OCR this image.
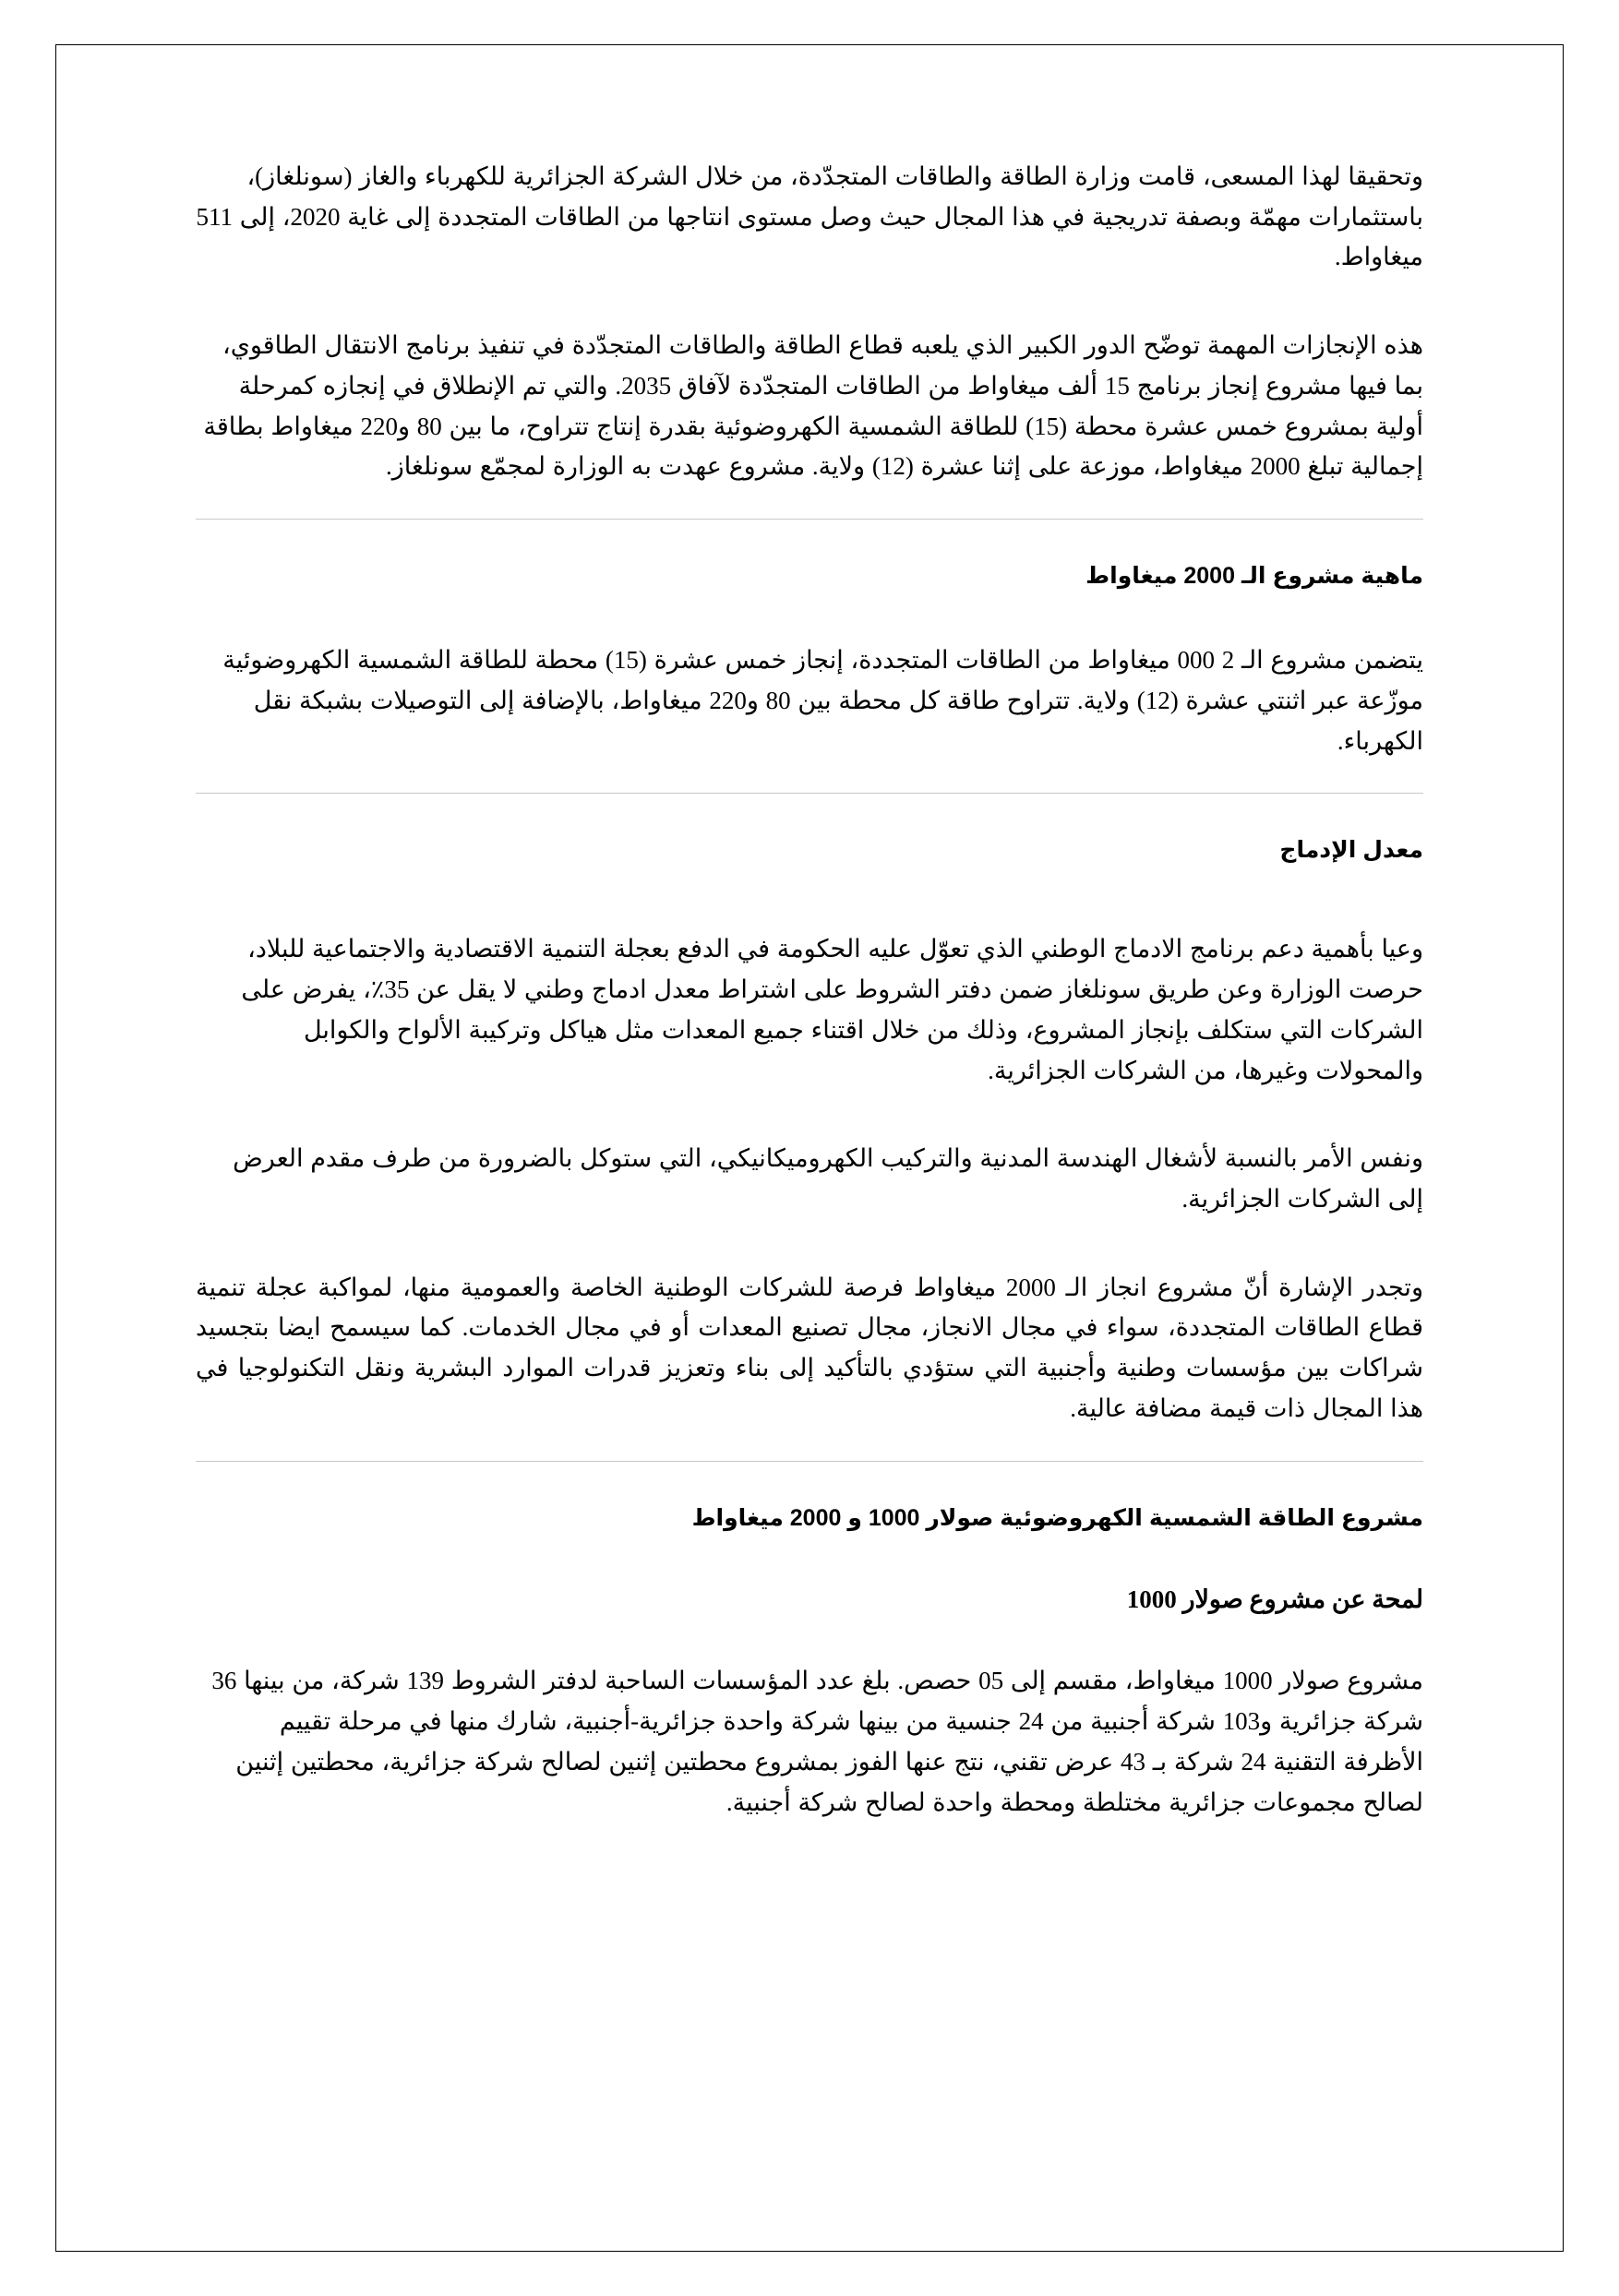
وتحقيقا لهذا المسعى، قامت وزارة الطاقة والطاقات المتجدّدة، من خلال الشركة الجزائرية للكهرباء والغاز (سونلغاز)، باستثمارات مهمّة وبصفة تدريجية في هذا المجال حيث وصل مستوى انتاجها من الطاقات المتجددة إلى غاية 2020، إلى 511 ميغاواط.

هذه الإنجازات المهمة توضّح الدور الكبير الذي يلعبه قطاع الطاقة والطاقات المتجدّدة في تنفيذ برنامج الانتقال الطاقوي، بما فيها مشروع إنجاز برنامج 15 ألف ميغاواط من الطاقات المتجدّدة لآفاق 2035. والتي تم الإنطلاق في إنجازه كمرحلة أولية بمشروع خمس عشرة محطة (15) للطاقة الشمسية الكهروضوئية بقدرة إنتاج تتراوح، ما بين 80 و220 ميغاواط بطاقة إجمالية تبلغ 2000 ميغاواط، موزعة على إثنا عشرة (12) ولاية. مشروع عهدت به الوزارة لمجمّع سونلغاز.

ماهية مشروع الـ 2000 ميغاواط

يتضمن مشروع الـ 2 000 ميغاواط من الطاقات المتجددة، إنجاز خمس عشرة (15) محطة للطاقة الشمسية الكهروضوئية موزّعة عبر اثنتي عشرة (12) ولاية. تتراوح طاقة كل محطة بين 80 و220 ميغاواط، بالإضافة إلى التوصيلات بشبكة نقل الكهرباء.

معدل الإدماج

وعيا بأهمية دعم برنامج الادماج الوطني الذي تعوّل عليه الحكومة في الدفع بعجلة التنمية الاقتصادية والاجتماعية للبلاد، حرصت الوزارة وعن طريق سونلغاز ضمن دفتر الشروط على اشتراط معدل ادماج وطني لا يقل عن 35٪، يفرض على الشركات التي ستكلف بإنجاز المشروع، وذلك من خلال اقتناء جميع المعدات مثل هياكل وتركيبة الألواح والكوابل والمحولات وغيرها، من الشركات الجزائرية.

ونفس الأمر بالنسبة لأشغال الهندسة المدنية والتركيب الكهروميكانيكي، التي ستوكل بالضرورة من طرف مقدم العرض إلى الشركات الجزائرية.

وتجدر الإشارة أنّ مشروع انجاز الـ 2000 ميغاواط فرصة للشركات الوطنية الخاصة والعمومية منها، لمواكبة عجلة تنمية قطاع الطاقات المتجددة، سواء في مجال الانجاز، مجال تصنيع المعدات أو في مجال الخدمات. كما سيسمح ايضا بتجسيد شراكات بين مؤسسات وطنية وأجنبية التي ستؤدي بالتأكيد إلى بناء وتعزيز قدرات الموارد البشرية ونقل التكنولوجيا في هذا المجال ذات قيمة مضافة عالية.

مشروع الطاقة الشمسية الكهروضوئية صولار 1000 و 2000 ميغاواط
لمحة عن مشروع صولار 1000

مشروع صولار 1000 ميغاواط، مقسم إلى 05 حصص. بلغ عدد المؤسسات الساحبة لدفتر الشروط 139 شركة، من بينها 36 شركة جزائرية و103 شركة أجنبية من 24 جنسية من بينها شركة واحدة جزائرية-أجنبية، شارك منها في مرحلة تقييم الأظرفة التقنية 24 شركة بـ 43 عرض تقني، نتج عنها الفوز بمشروع محطتين إثنين لصالح شركة جزائرية، محطتين إثنين لصالح مجموعات جزائرية مختلطة ومحطة واحدة لصالح شركة أجنبية.
